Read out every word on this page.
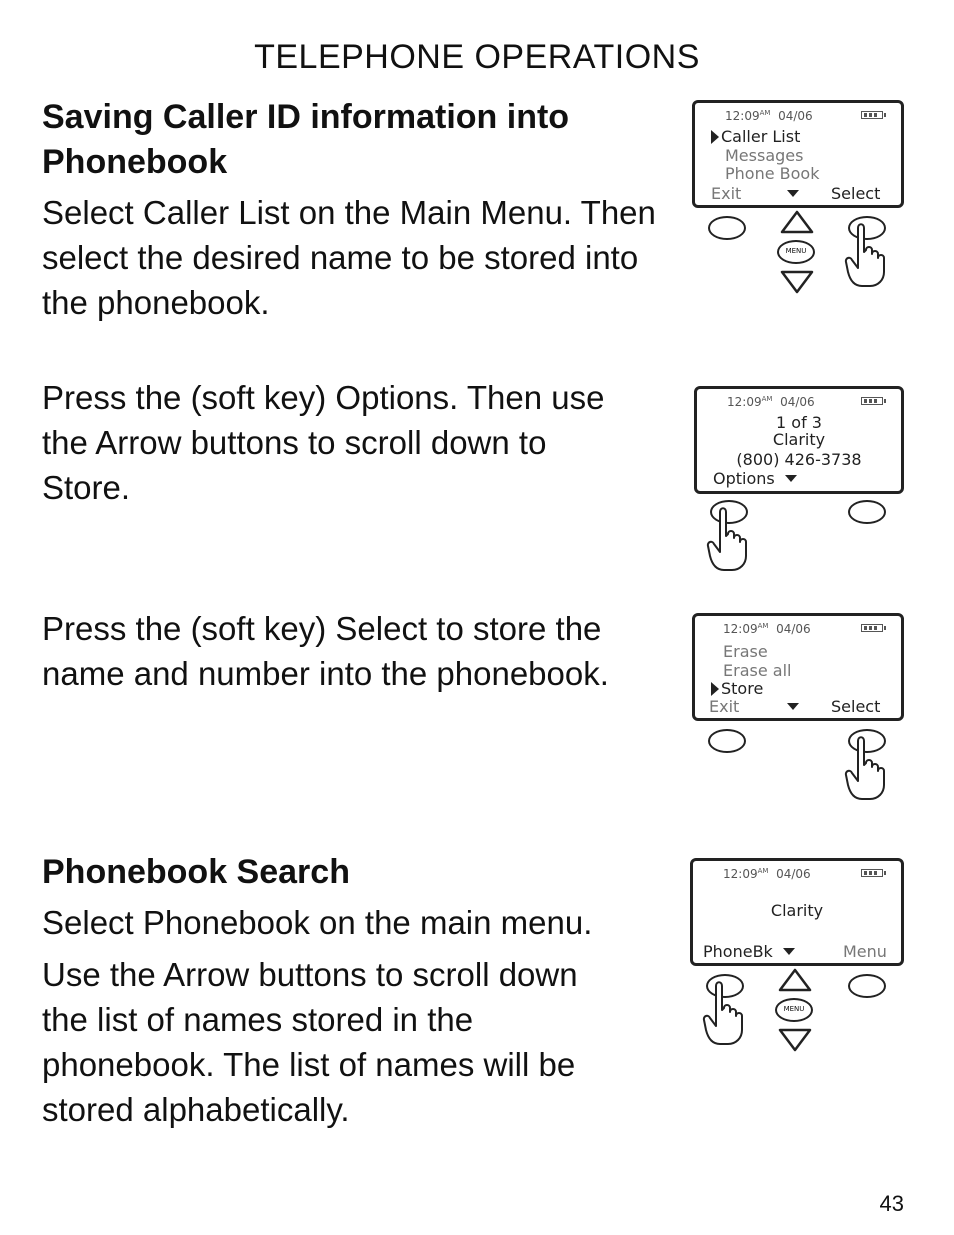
TELEPHONE OPERATIONS
Saving Caller ID information into
Phonebook

Select Caller List on the Main Menu. Then
select the desired name to be stored into
the phonebook.

Press the (soft key) Options. Then use
the Arrow buttons to scroll down to
Store.

Press the (soft key) Select to store the
name and number into the phonebook.

Phonebook Search

Select Phonebook on the main menu.

Use the Arrow buttons to scroll down
the list of names stored in the
phonebook. The list of names will be
stored alphabetically.

43
$12:09^{AM}$ 04/06
Caller List
Messages
Phone Book
Exit	Select
MENU
$12:09^{AM}$ 04/06
1 of 3
Clarity
(800) 426-3738
Options
$12:09^{AM}$ 04/06
Erase
Erase all
Store
Exit	Select
$12:09^{AM}$ 04/06
Clarity
PhoneBk	Menu
MENU
